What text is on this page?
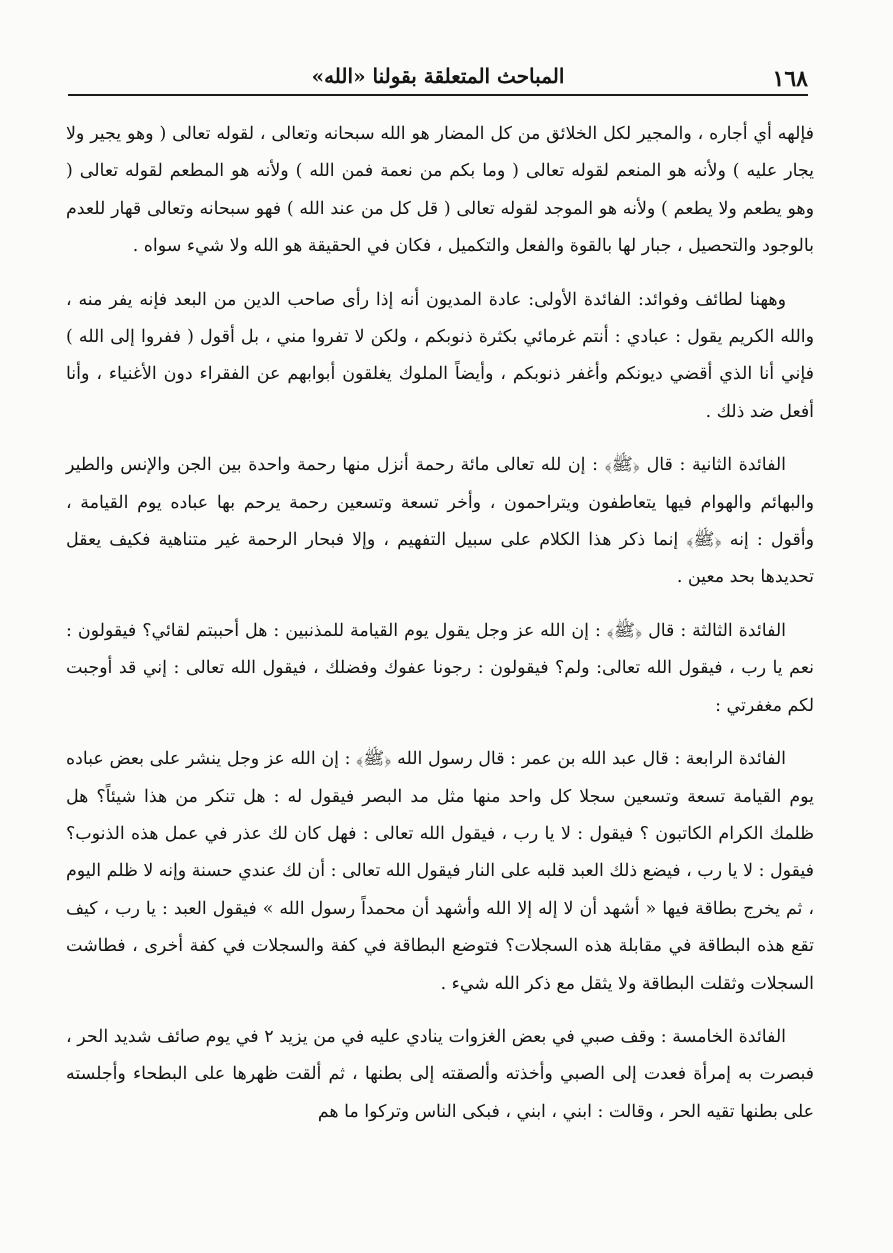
١٦٨
المباحث المتعلقة بقولنا «الله»

فإلهه أي أجاره ، والمجير لكل الخلائق من كل المضار هو الله سبحانه وتعالى ، لقوله تعالى ( وهو يجير ولا يجار عليه ) ولأنه هو المنعم لقوله تعالى ( وما بكم من نعمة فمن الله ) ولأنه هو المطعم لقوله تعالى ( وهو يطعم ولا يطعم ) ولأنه هو الموجد لقوله تعالى ( قل كل من عند الله ) فهو سبحانه وتعالى قهار للعدم بالوجود والتحصيل ، جبار لها بالقوة والفعل والتكميل ، فكان في الحقيقة هو الله ولا شيء سواه .

وههنا لطائف وفوائد: الفائدة الأولى: عادة المديون أنه إذا رأى صاحب الدين من البعد فإنه يفر منه ، والله الكريم يقول : عبادي : أنتم غرمائي بكثرة ذنوبكم ، ولكن لا تفروا مني ، بل أقول ( ففروا إلى الله ) فإني أنا الذي أقضي ديونكم وأغفر ذنوبكم ، وأيضاً الملوك يغلقون أبوابهم عن الفقراء دون الأغنياء ، وأنا أفعل ضد ذلك .

الفائدة الثانية : قال ﴿ﷺ﴾ : إن لله تعالى مائة رحمة أنزل منها رحمة واحدة بين الجن والإنس والطير والبهائم والهوام فيها يتعاطفون ويتراحمون ، وأخر تسعة وتسعين رحمة يرحم بها عباده يوم القيامة ، وأقول : إنه ﴿ﷺ﴾ إنما ذكر هذا الكلام على سبيل التفهيم ، وإلا فبحار الرحمة غير متناهية فكيف يعقل تحديدها بحد معين .

الفائدة الثالثة : قال ﴿ﷺ﴾ : إن الله عز وجل يقول يوم القيامة للمذنبين : هل أحببتم لقائي؟ فيقولون : نعم يا رب ، فيقول الله تعالى: ولم؟ فيقولون : رجونا عفوك وفضلك ، فيقول الله تعالى : إني قد أوجبت لكم مغفرتي :

الفائدة الرابعة : قال عبد الله بن عمر : قال رسول الله ﴿ﷺ﴾ : إن الله عز وجل ينشر على بعض عباده يوم القيامة تسعة وتسعين سجلا كل واحد منها مثل مد البصر فيقول له : هل تنكر من هذا شيئاً؟ هل ظلمك الكرام الكاتبون ؟ فيقول : لا يا رب ، فيقول الله تعالى : فهل كان لك عذر في عمل هذه الذنوب؟ فيقول : لا يا رب ، فيضع ذلك العبد قلبه على النار فيقول الله تعالى : أن لك عندي حسنة وإنه لا ظلم اليوم ، ثم يخرج بطاقة فيها « أشهد أن لا إله إلا الله وأشهد أن محمداً رسول الله » فيقول العبد : يا رب ، كيف تقع هذه البطاقة في مقابلة هذه السجلات؟ فتوضع البطاقة في كفة والسجلات في كفة أخرى ، فطاشت السجلات وثقلت البطاقة ولا يثقل مع ذكر الله شيء .

الفائدة الخامسة : وقف صبي في بعض الغزوات ينادي عليه في من يزيد ٢ في يوم صائف شديد الحر ، فبصرت به إمرأة فعدت إلى الصبي وأخذته وألصقته إلى بطنها ، ثم ألقت ظهرها على البطحاء وأجلسته على بطنها تقيه الحر ، وقالت : ابني ، ابني ، فبكى الناس وتركوا ما هم
